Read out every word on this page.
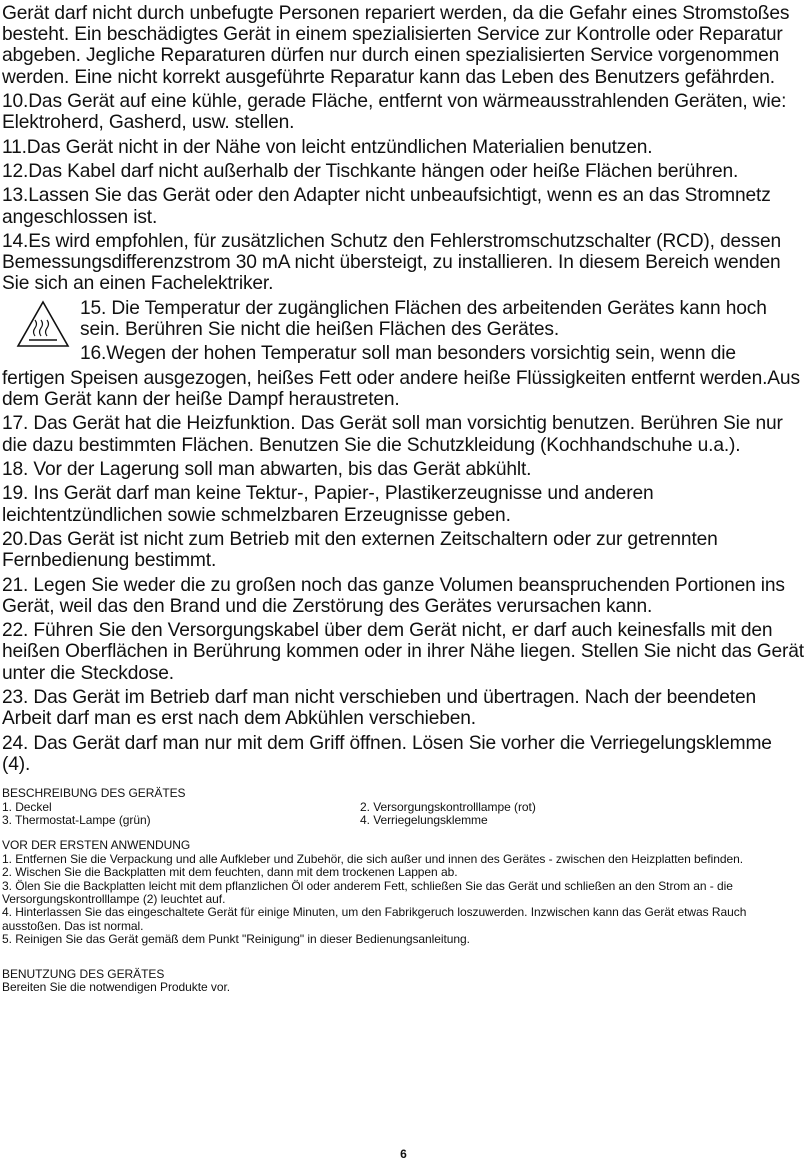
Gerät darf nicht durch unbefugte Personen repariert werden, da die Gefahr eines Stromstoßes besteht. Ein beschädigtes Gerät in einem spezialisierten Service zur Kontrolle oder Reparatur abgeben. Jegliche Reparaturen dürfen nur durch einen spezialisierten Service vorgenommen werden. Eine nicht korrekt ausgeführte Reparatur kann das Leben des Benutzers gefährden.

10.Das Gerät auf eine kühle, gerade Fläche, entfernt von wärmeausstrahlenden Geräten, wie: Elektroherd, Gasherd, usw. stellen.

11.Das Gerät nicht in der Nähe von leicht entzündlichen Materialien benutzen.

12.Das Kabel darf nicht außerhalb der Tischkante hängen oder heiße Flächen berühren.

13.Lassen Sie das Gerät oder den Adapter nicht unbeaufsichtigt, wenn es an das Stromnetz angeschlossen ist.

14.Es wird empfohlen, für zusätzlichen Schutz den Fehlerstromschutzschalter (RCD), dessen Bemessungsdifferenzstrom 30 mA nicht übersteigt, zu installieren. In diesem Bereich wenden Sie sich an einen Fachelektriker.

15. Die Temperatur der zugänglichen Flächen des arbeitenden Gerätes kann hoch sein. Berühren Sie nicht die heißen Flächen des Gerätes.

16.Wegen der hohen Temperatur soll man besonders vorsichtig sein, wenn die

fertigen Speisen ausgezogen, heißes Fett oder andere heiße Flüssigkeiten entfernt werden.Aus dem Gerät kann der heiße Dampf heraustreten.

17. Das Gerät hat die Heizfunktion. Das Gerät soll man vorsichtig benutzen. Berühren Sie nur die dazu bestimmten Flächen. Benutzen Sie die Schutzkleidung (Kochhandschuhe u.a.).

18. Vor der Lagerung soll man abwarten, bis das Gerät abkühlt.

19. Ins Gerät darf man keine Tektur-, Papier-, Plastikerzeugnisse und anderen leichtentzündlichen sowie schmelzbaren Erzeugnisse geben.

20.Das Gerät ist nicht zum Betrieb mit den externen Zeitschaltern oder zur getrennten Fernbedienung bestimmt.

21. Legen Sie weder die zu großen noch das ganze Volumen beanspruchenden Portionen ins Gerät, weil das den Brand und die Zerstörung des Gerätes verursachen kann.

22. Führen Sie den Versorgungskabel über dem Gerät nicht, er darf auch keinesfalls mit den heißen Oberflächen in Berührung kommen oder in ihrer Nähe liegen. Stellen Sie nicht das Gerät unter die Steckdose.

23. Das Gerät im Betrieb darf man nicht verschieben und übertragen. Nach der beendeten Arbeit darf man es erst nach dem Abkühlen verschieben.

24. Das Gerät darf man nur mit dem Griff öffnen. Lösen Sie vorher die Verriegelungsklemme (4).

BESCHREIBUNG DES GERÄTES

1. Deckel	2. Versorgungskontrolllampe (rot)
3. Thermostat-Lampe (grün)	4. Verriegelungsklemme

VOR DER ERSTEN ANWENDUNG

1. Entfernen Sie die Verpackung und alle Aufkleber und Zubehör, die sich außer und innen des Gerätes - zwischen den Heizplatten befinden.

2. Wischen Sie die Backplatten mit dem feuchten, dann mit dem trockenen Lappen ab.

3. Ölen Sie die Backplatten leicht mit dem pflanzlichen Öl oder anderem Fett, schließen Sie das Gerät und schließen an den Strom an - die Versorgungskontrolllampe (2) leuchtet auf.

4. Hinterlassen Sie das eingeschaltete Gerät für einige Minuten, um den Fabrikgeruch loszuwerden. Inzwischen kann das Gerät etwas Rauch ausstoßen. Das ist normal.

5. Reinigen Sie das Gerät gemäß dem Punkt "Reinigung" in dieser Bedienungsanleitung.

BENUTZUNG DES GERÄTES

Bereiten Sie die notwendigen Produkte vor.

6
